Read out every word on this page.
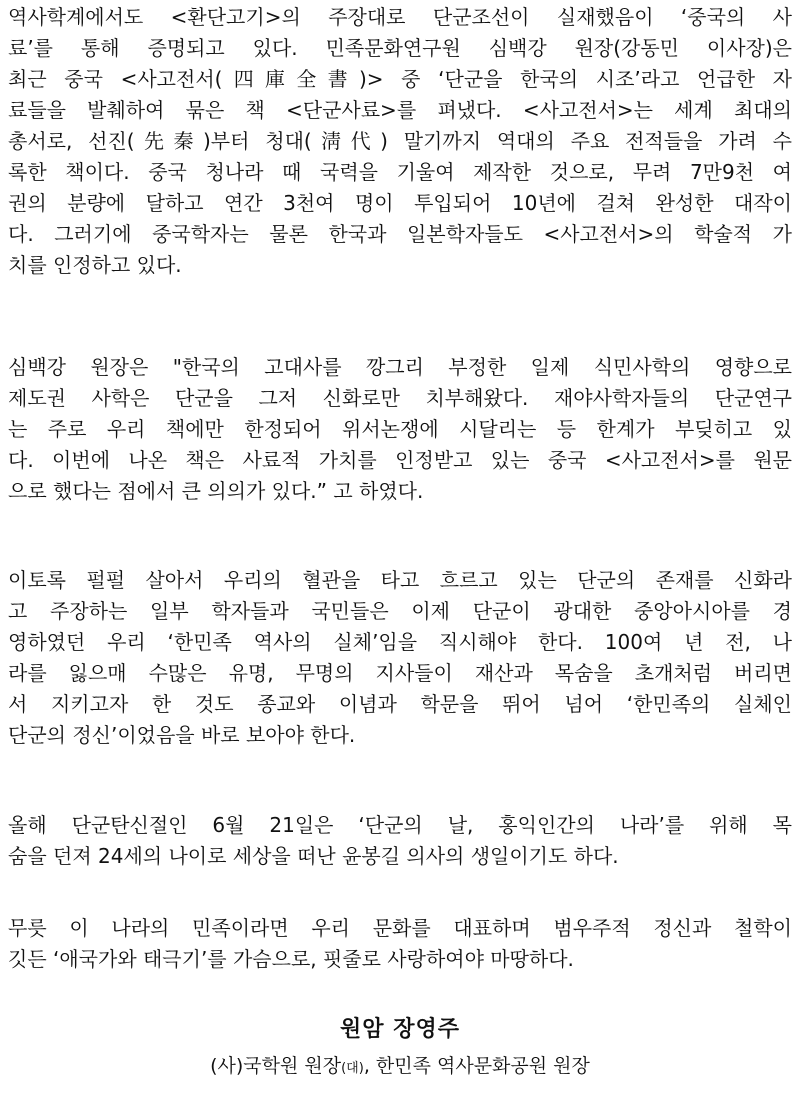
역사학계에서도 <환단고기>의 주장대로 단군조선이 실재했음이 ‘중국의 사
료’를 통해 증명되고 있다. 민족문화연구원 심백강 원장(강동민 이사장)은
최근 중국 <사고전서(四庫全書)> 중 ‘단군을 한국의 시조’라고 언급한 자
료들을 발췌하여 묶은 책 <단군사료>를 펴냈다. <사고전서>는 세계 최대의
총서로, 선진(先秦)부터 청대(淸代) 말기까지 역대의 주요 전적들을 가려 수
록한 책이다. 중국 청나라 때 국력을 기울여 제작한 것으로, 무려 7만9천 여
권의 분량에 달하고 연간 3천여 명이 투입되어 10년에 걸쳐 완성한 대작이
다. 그러기에 중국학자는 물론 한국과 일본학자들도 <사고전서>의 학술적 가
치를 인정하고 있다.
심백강 원장은 "한국의 고대사를 깡그리 부정한 일제 식민사학의 영향으로
제도권 사학은 단군을 그저 신화로만 치부해왔다. 재야사학자들의 단군연구
는 주로 우리 책에만 한정되어 위서논쟁에 시달리는 등 한계가 부딪히고 있
다. 이번에 나온 책은 사료적 가치를 인정받고 있는 중국 <사고전서>를 원문
으로 했다는 점에서 큰 의의가 있다.” 고 하였다.
이토록 펄펄 살아서 우리의 혈관을 타고 흐르고 있는 단군의 존재를 신화라
고 주장하는 일부 학자들과 국민들은 이제 단군이 광대한 중앙아시아를 경
영하였던 우리 ‘한민족 역사의 실체’임을 직시해야 한다. 100여 년 전, 나
라를 잃으매 수많은 유명, 무명의 지사들이 재산과 목숨을 초개처럼 버리면
서 지키고자 한 것도 종교와 이념과 학문을 뛰어 넘어 ‘한민족의 실체인
단군의 정신’이었음을 바로 보아야 한다.
올해 단군탄신절인 6월 21일은 ‘단군의 날, 홍익인간의 나라’를 위해 목
숨을 던져 24세의 나이로 세상을 떠난 윤봉길 의사의 생일이기도 하다.
무릇 이 나라의 민족이라면 우리 문화를 대표하며 범우주적 정신과 철학이
깃든 ‘애국가와 태극기’를 가슴으로, 핏줄로 사랑하여야 마땅하다.
원암 장영주
(사)국학원 원장(대), 한민족 역사문화공원 원장
